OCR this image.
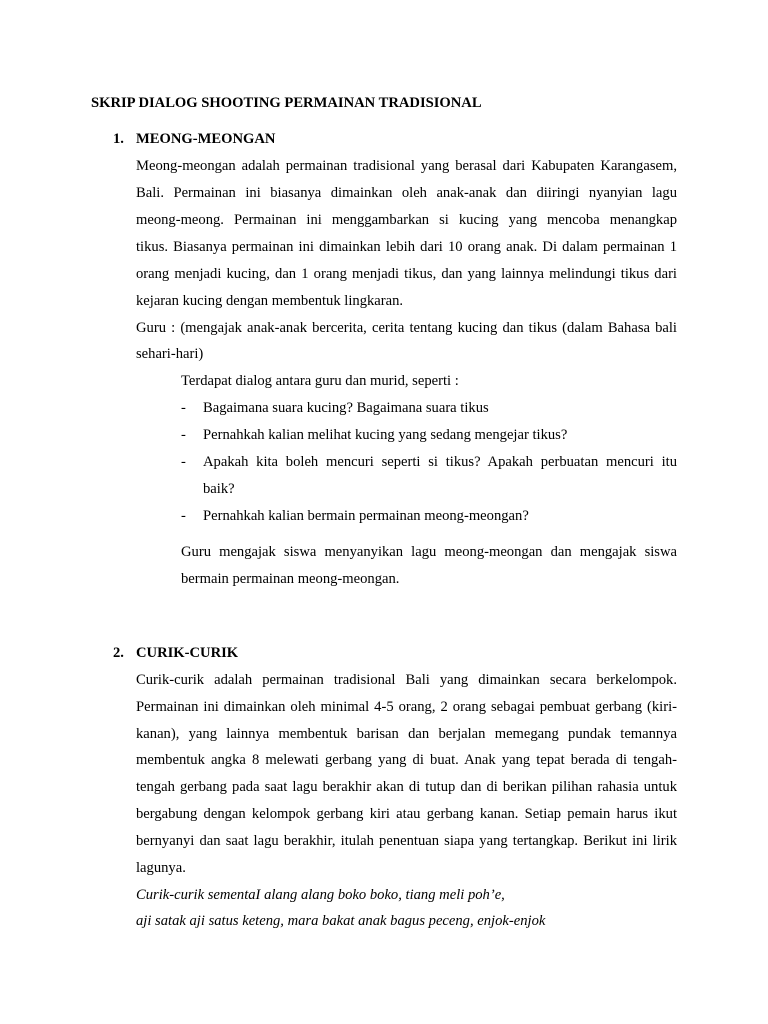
SKRIP DIALOG SHOOTING PERMAINAN TRADISIONAL
1. MEONG-MEONGAN
Meong-meongan adalah permainan tradisional yang berasal dari Kabupaten Karangasem,
Bali. Permainan ini biasanya dimainkan oleh anak-anak dan diiringi nyanyian lagu
meong-meong. Permainan ini menggambarkan si kucing yang mencoba menangkap
tikus. Biasanya permainan ini dimainkan lebih dari 10 orang anak. Di dalam permainan 1
orang menjadi kucing, dan 1 orang menjadi tikus, dan yang lainnya melindungi tikus dari
kejaran kucing dengan membentuk lingkaran.
Guru : (mengajak anak-anak bercerita, cerita tentang kucing dan tikus (dalam Bahasa bali
sehari-hari)
Terdapat dialog antara guru dan murid, seperti :
- Bagaimana suara kucing? Bagaimana suara tikus
- Pernahkah kalian melihat kucing yang sedang mengejar tikus?
- Apakah kita boleh mencuri seperti si tikus? Apakah perbuatan mencuri itu
baik?
- Pernahkah kalian bermain permainan meong-meongan?
Guru mengajak siswa menyanyikan lagu meong-meongan dan mengajak siswa
bermain permainan meong-meongan.
2. CURIK-CURIK
Curik-curik adalah permainan tradisional Bali yang dimainkan secara berkelompok.
Permainan ini dimainkan oleh minimal 4-5 orang, 2 orang sebagai pembuat gerbang (kiri-
kanan), yang lainnya membentuk barisan dan berjalan memegang pundak temannya
membentuk angka 8 melewati gerbang yang di buat. Anak yang tepat berada di tengah-
tengah gerbang pada saat lagu berakhir akan di tutup dan di berikan pilihan rahasia untuk
bergabung dengan kelompok gerbang kiri atau gerbang kanan. Setiap pemain harus ikut
bernyanyi dan saat lagu berakhir, itulah penentuan siapa yang tertangkap. Berikut ini lirik
lagunya.
Curik-curik sementaI alang alang boko boko, tiang meli poh’e,
aji satak aji satus keteng, mara bakat anak bagus peceng, enjok-enjok
